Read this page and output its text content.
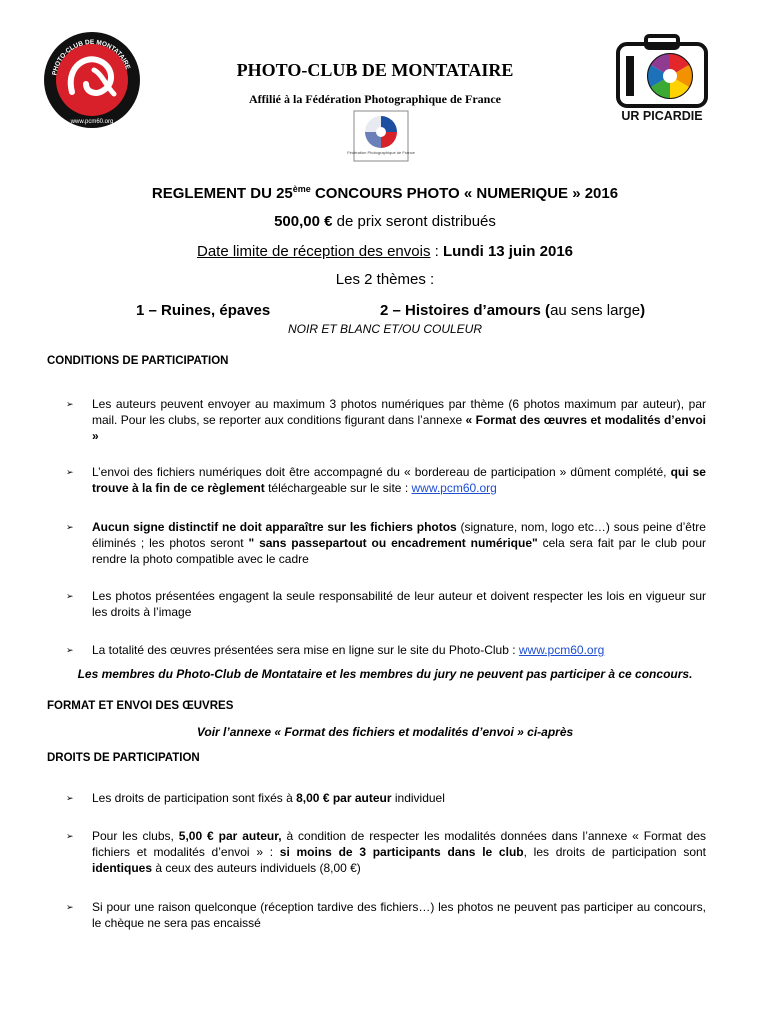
PHOTO-CLUB DE MONTATAIRE
www.pcm60.org	UR PICARDIE
PHOTO-CLUB DE MONTATAIRE
Affilié à la Fédération Photographique de France
Fédération Photographique de France
REGLEMENT DU 25ème CONCOURS PHOTO « NUMERIQUE » 2016
500,00 € de prix seront distribués
Date limite de réception des envois : Lundi 13 juin 2016
Les 2 thèmes :
1 – Ruines, épaves	2 – Histoires d’amours (au sens large)
NOIR ET BLANC ET/OU COULEUR
CONDITIONS DE PARTICIPATION
➢ Les auteurs peuvent envoyer au maximum 3 photos numériques par thème (6 photos maximum par auteur), par mail. Pour les clubs, se reporter aux conditions figurant dans l’annexe « Format des œuvres et modalités d’envoi »
➢ L’envoi des fichiers numériques doit être accompagné du « bordereau de participation » dûment complété, qui se trouve à la fin de ce règlement téléchargeable sur le site : www.pcm60.org
➢ Aucun signe distinctif ne doit apparaître sur les fichiers photos (signature, nom, logo etc…) sous peine d’être éliminés ; les photos seront " sans passepartout ou encadrement numérique" cela sera fait par le club pour rendre la photo compatible avec le cadre
➢ Les photos présentées engagent la seule responsabilité de leur auteur et doivent respecter les lois en vigueur sur les droits à l’image
➢ La totalité des œuvres présentées sera mise en ligne sur le site du Photo-Club : www.pcm60.org
Les membres du Photo-Club de Montataire et les membres du jury ne peuvent pas participer à ce concours.
FORMAT ET ENVOI DES ŒUVRES
Voir l’annexe « Format des fichiers et modalités d’envoi » ci-après
DROITS DE PARTICIPATION
➢ Les droits de participation sont fixés à 8,00 € par auteur individuel
➢ Pour les clubs, 5,00 € par auteur, à condition de respecter les modalités données dans l’annexe « Format des fichiers et modalités d’envoi » : si moins de 3 participants dans le club, les droits de participation sont identiques à ceux des auteurs individuels (8,00 €)
➢ Si pour une raison quelconque (réception tardive des fichiers…) les photos ne peuvent pas participer au concours, le chèque ne sera pas encaissé
